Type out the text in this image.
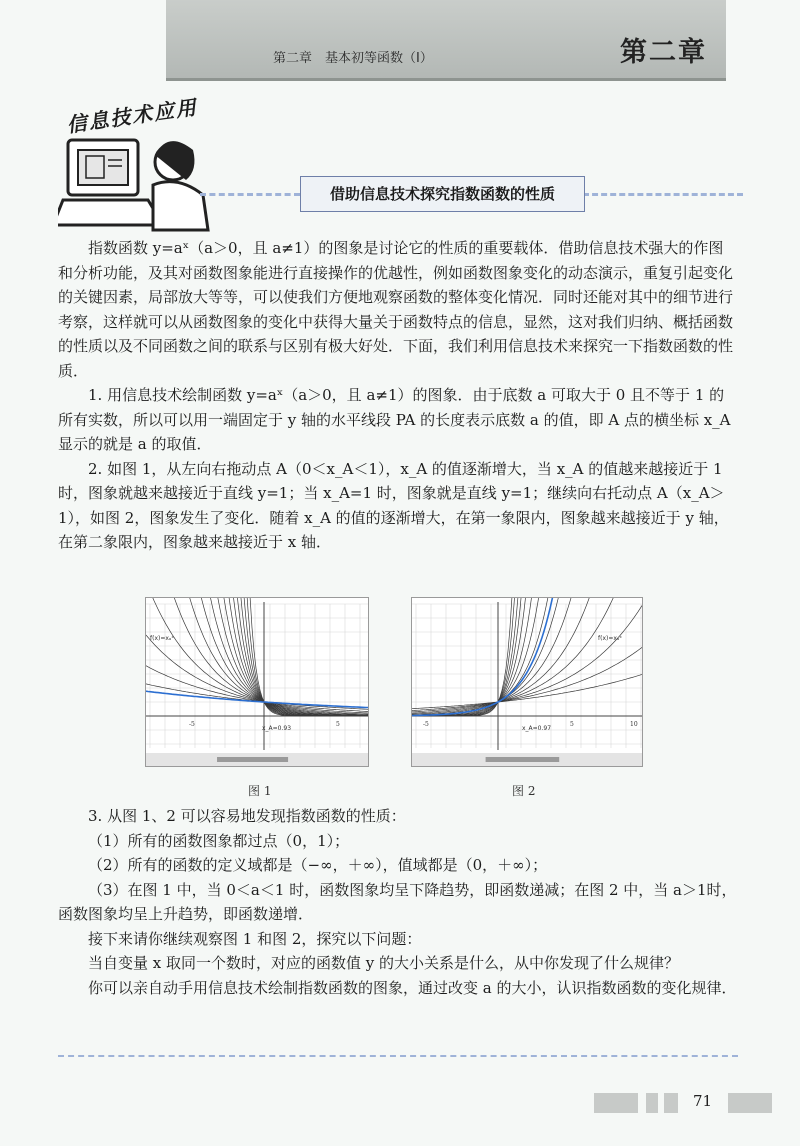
第二章　基本初等函数（Ⅰ）	第二章
信息技术应用
借助信息技术探究指数函数的性质

指数函数 y=aˣ（a＞0，且 a≠1）的图象是讨论它的性质的重要载体．借助信息技术强大的作图和分析功能，及其对函数图象能进行直接操作的优越性，例如函数图象变化的动态演示，重复引起变化的关键因素，局部放大等等，可以使我们方便地观察函数的整体变化情况．同时还能对其中的细节进行考察，这样就可以从函数图象的变化中获得大量关于函数特点的信息，显然，这对我们归纳、概括函数的性质以及不同函数之间的联系与区别有极大好处．下面，我们利用信息技术来探究一下指数函数的性质．

1. 用信息技术绘制函数 y=aˣ（a＞0，且 a≠1）的图象．由于底数 a 可取大于 0 且不等于 1 的所有实数，所以可以用一端固定于 y 轴的水平线段 PA 的长度表示底数 a 的值，即 A 点的横坐标 x_A 显示的就是 a 的取值．

2. 如图 1，从左向右拖动点 A（0＜x_A＜1），x_A 的值逐渐增大，当 x_A 的值越来越接近于 1 时，图象就越来越接近于直线 y=1；当 x_A=1 时，图象就是直线 y=1；继续向右托动点 A（x_A＞1），如图 2，图象发生了变化．随着 x_A 的值的逐渐增大，在第一象限内，图象越来越接近于 y 轴，在第二象限内，图象越来越接近于 x 轴．

f(x)=xₐˣ
x_A=0.93
-5	5
图 1
f(x)=xₐˣ
x_A=0.97
-5	5	10
图 2

3. 从图 1、2 可以容易地发现指数函数的性质：

（1）所有的函数图象都过点（0，1）；

（2）所有的函数的定义域都是（−∞，＋∞），值域都是（0，＋∞）；

（3）在图 1 中，当 0＜a＜1 时，函数图象均呈下降趋势，即函数递减；在图 2 中，当 a＞1时，函数图象均呈上升趋势，即函数递增．

接下来请你继续观察图 1 和图 2，探究以下问题：

当自变量 x 取同一个数时，对应的函数值 y 的大小关系是什么，从中你发现了什么规律？

你可以亲自动手用信息技术绘制指数函数的图象，通过改变 a 的大小，认识指数函数的变化规律．

71
